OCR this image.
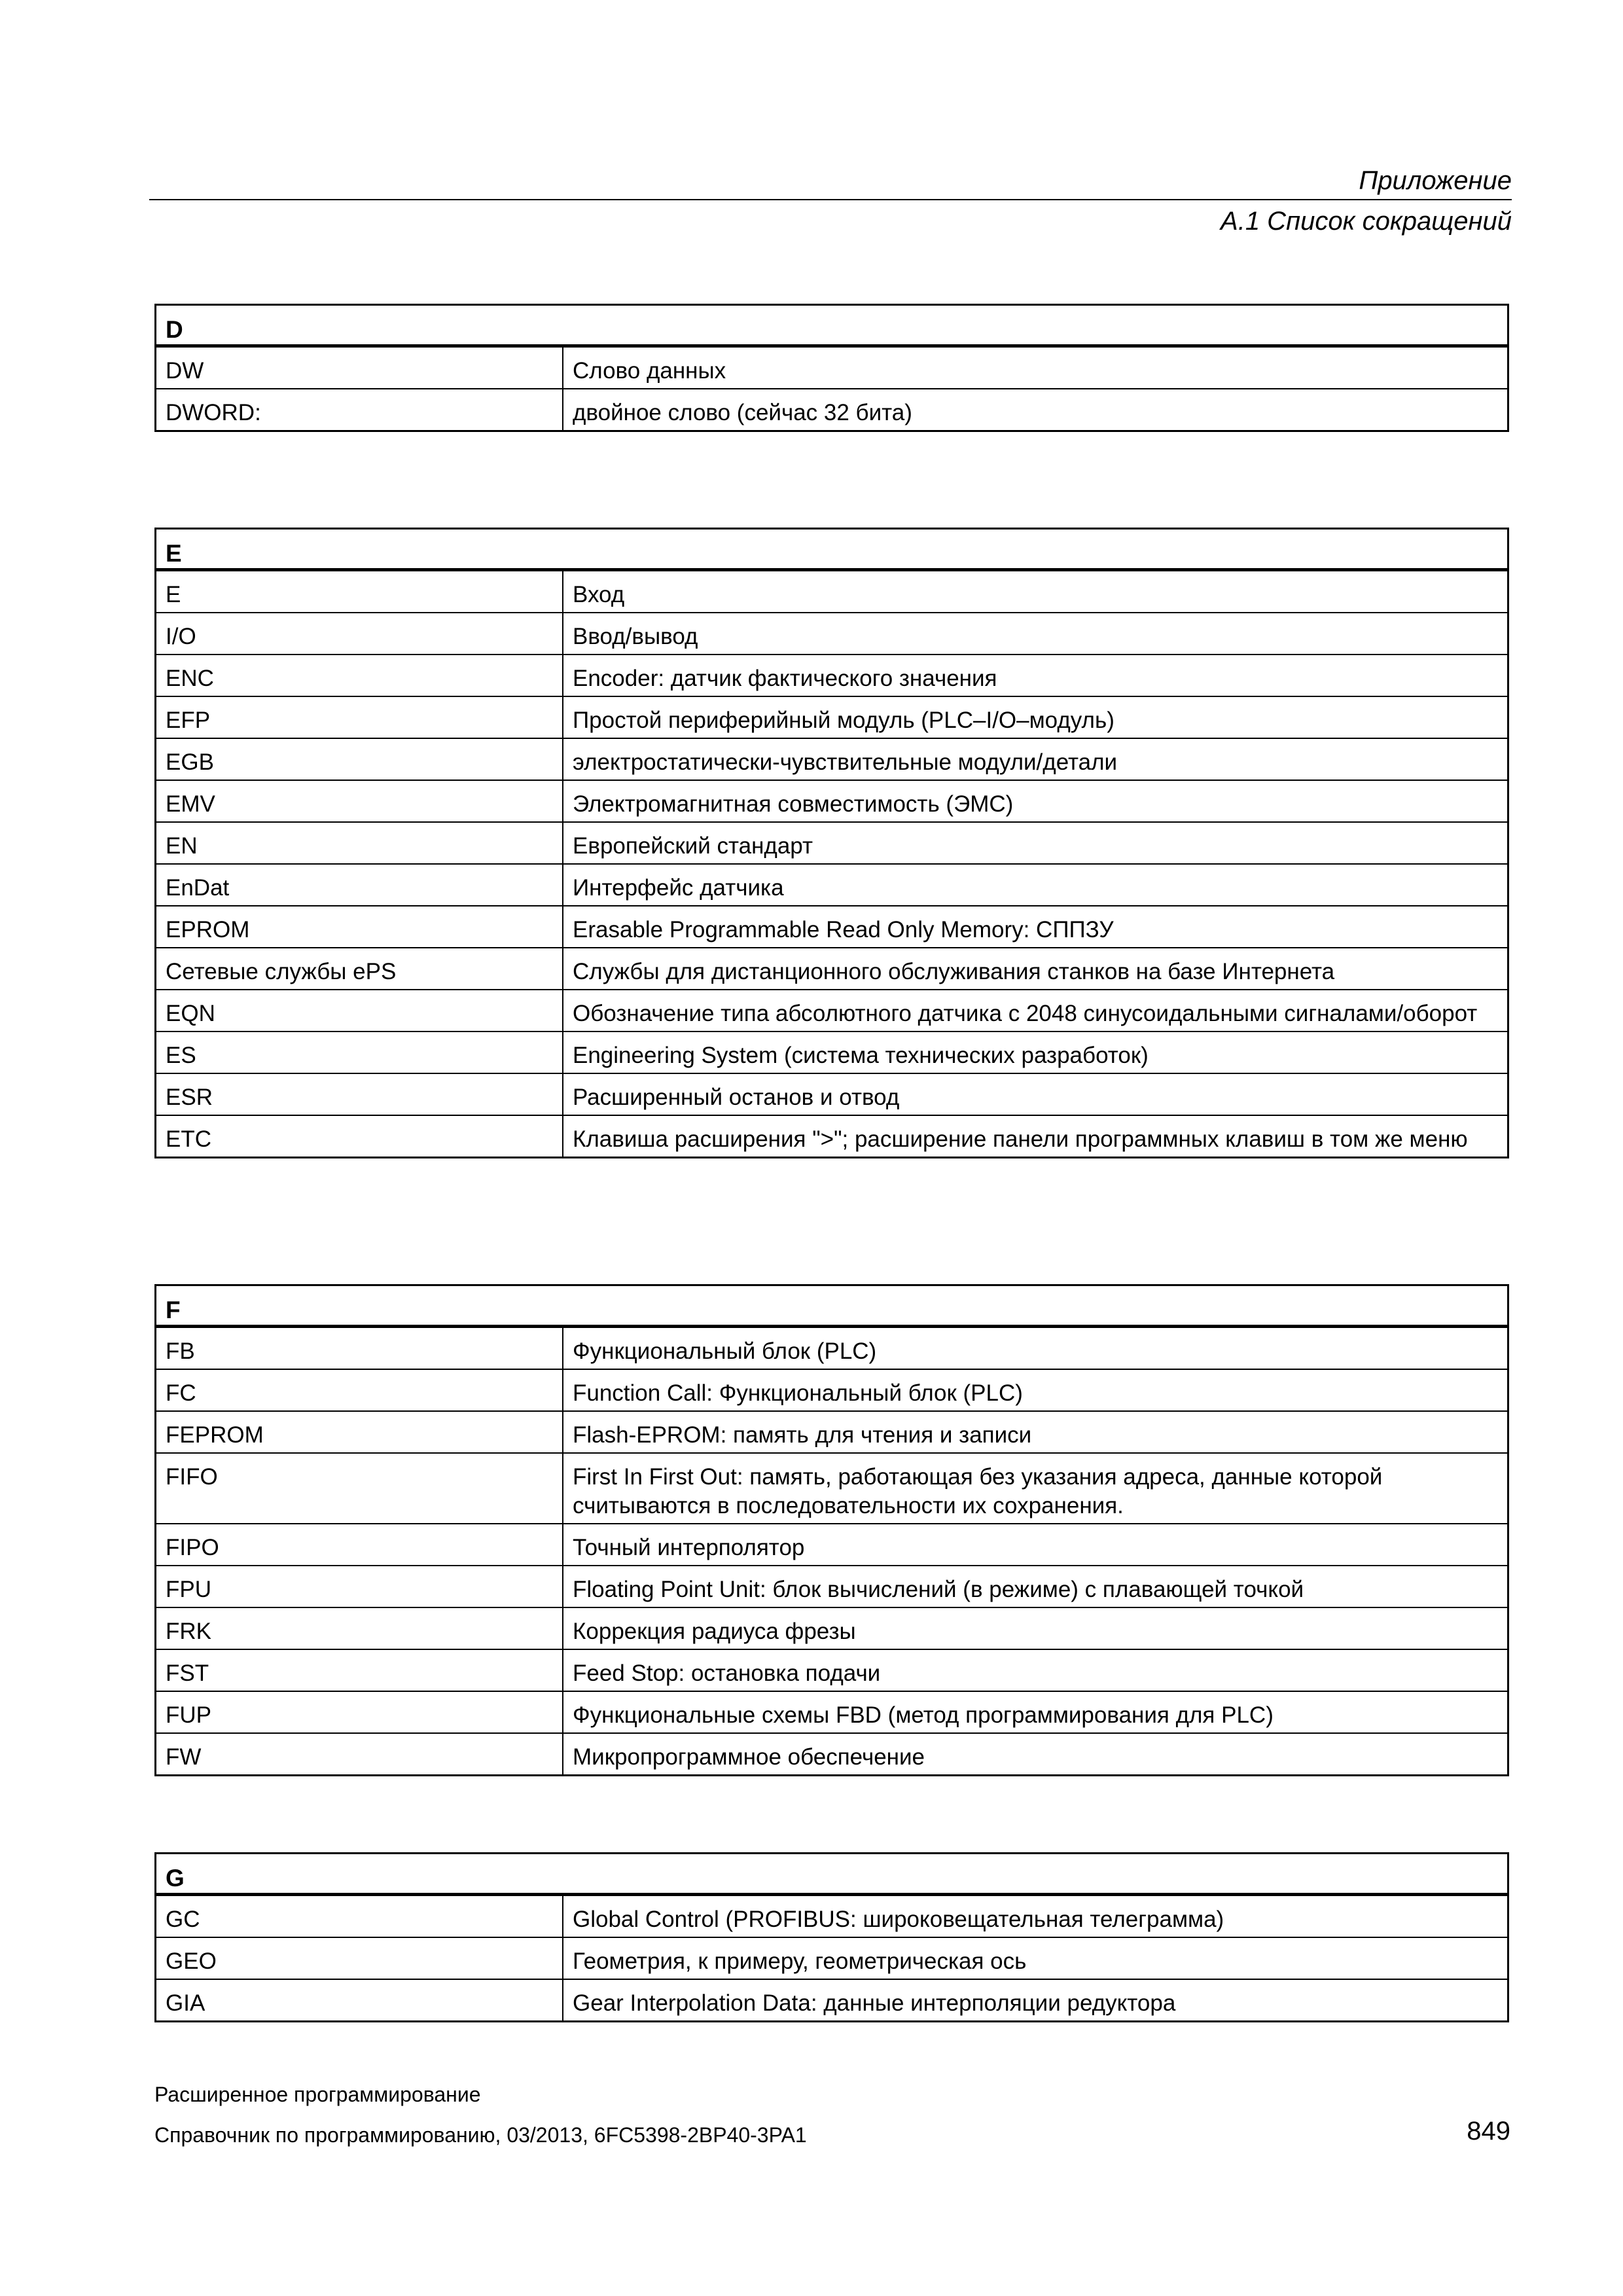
Приложение
A.1 Список сокращений
D
DW	Слово данных
DWORD:	двойное слово (сейчас 32 бита)
E
E	Вход
I/O	Ввод/вывод
ENC	Encoder: датчик фактического значения
EFP	Простой периферийный модуль (PLC–I/O–модуль)
EGB	электростатически-чувствительные модули/детали
EMV	Электромагнитная совместимость (ЭМС)
EN	Европейский стандарт
EnDat	Интерфейс датчика
EPROM	Erasable Programmable Read Only Memory: СППЗУ
Сетевые службы ePS	Службы для дистанционного обслуживания станков на базе Интернета
EQN	Обозначение типа абсолютного датчика с 2048 синусоидальными сигналами/оборот
ES	Engineering System (система технических разработок)
ESR	Расширенный останов и отвод
ETC	Клавиша расширения ">"; расширение панели программных клавиш в том же меню
F
FB	Функциональный блок (PLC)
FC	Function Call: Функциональный блок (PLC)
FEPROM	Flash-EPROM: память для чтения и записи
FIFO	First In First Out: память, работающая без указания адреса, данные которой считываются в последовательности их сохранения.
FIPO	Точный интерполятор
FPU	Floating Point Unit: блок вычислений (в режиме) с плавающей точкой
FRK	Коррекция радиуса фрезы
FST	Feed Stop: остановка подачи
FUP	Функциональные схемы FBD (метод программирования для PLC)
FW	Микропрограммное обеспечение
G
GC	Global Control (PROFIBUS: широковещательная телеграмма)
GEO	Геометрия, к примеру, геометрическая ось
GIA	Gear Interpolation Data: данные интерполяции редуктора
Расширенное программирование
Справочник по программированию, 03/2013, 6FC5398-2BP40-3PA1	849
